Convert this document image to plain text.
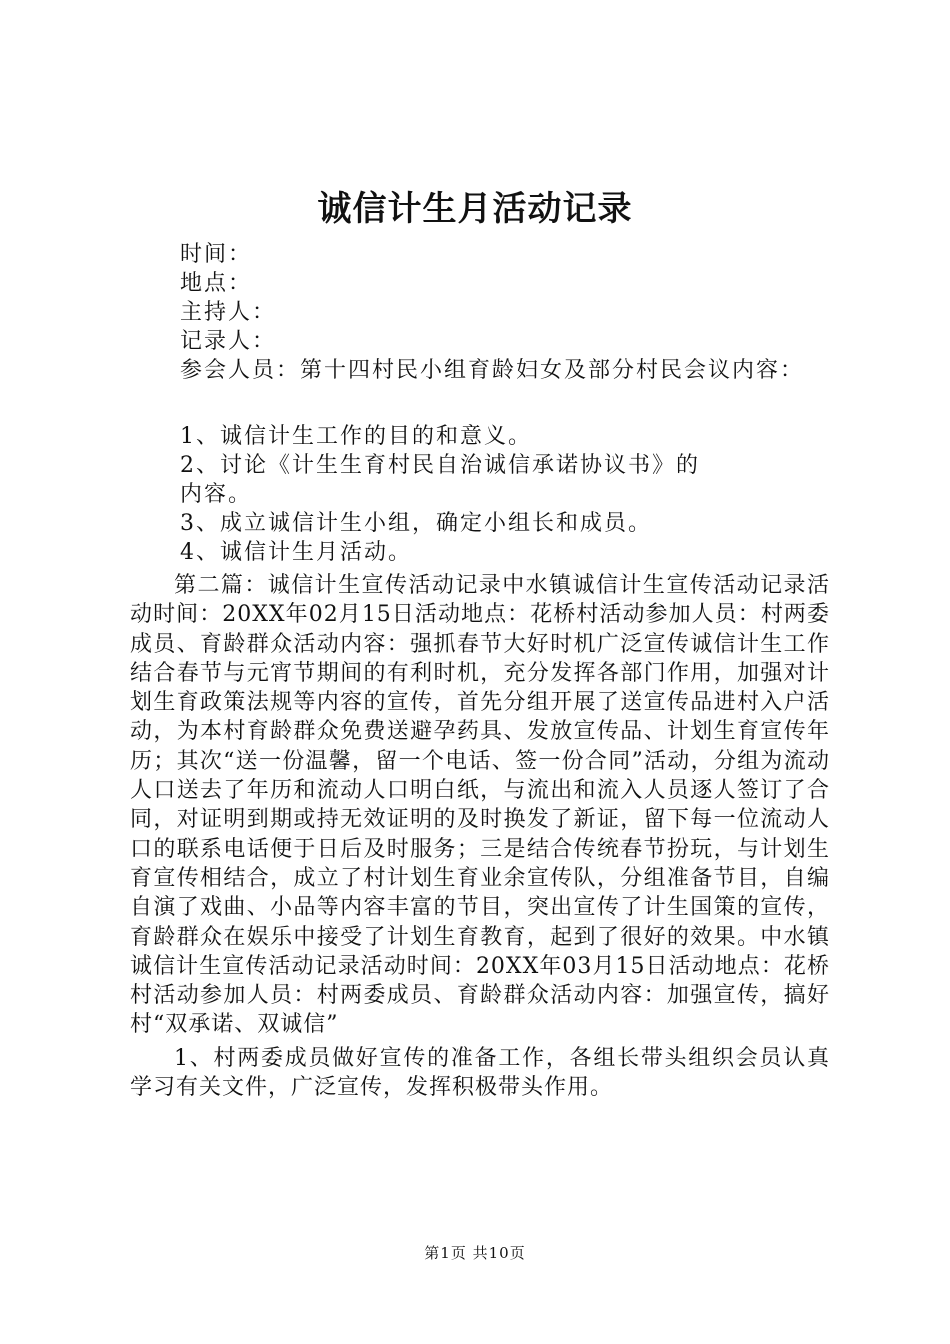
诚信计生月活动记录
时间：
地点：
主持人：
记录人：
参会人员：第十四村民小组育龄妇女及部分村民会议内容：
1、诚信计生工作的目的和意义。
2、讨论《计生生育村民自治诚信承诺协议书》的
内容。
3、成立诚信计生小组，确定小组长和成员。
4、诚信计生月活动。

第二篇：诚信计生宣传活动记录中水镇诚信计生宣传活动记录活动时间：20XX年02月15日活动地点：花桥村活动参加人员：村两委成员、育龄群众活动内容：强抓春节大好时机广泛宣传诚信计生工作结合春节与元宵节期间的有利时机，充分发挥各部门作用，加强对计划生育政策法规等内容的宣传，首先分组开展了送宣传品进村入户活动，为本村育龄群众免费送避孕药具、发放宣传品、计划生育宣传年历；其次“送一份温馨，留一个电话、签一份合同”活动，分组为流动人口送去了年历和流动人口明白纸，与流出和流入人员逐人签订了合同，对证明到期或持无效证明的及时换发了新证，留下每一位流动人口的联系电话便于日后及时服务；三是结合传统春节扮玩，与计划生育宣传相结合，成立了村计划生育业余宣传队，分组准备节目，自编自演了戏曲、小品等内容丰富的节目，突出宣传了计生国策的宣传，育龄群众在娱乐中接受了计划生育教育，起到了很好的效果。中水镇诚信计生宣传活动记录活动时间：20XX年03月15日活动地点：花桥村活动参加人员：村两委成员、育龄群众活动内容：加强宣传，搞好村“双承诺、双诚信”

1、村两委成员做好宣传的准备工作，各组长带头组织会员认真学习有关文件，广泛宣传，发挥积极带头作用。

第1页 共10页
